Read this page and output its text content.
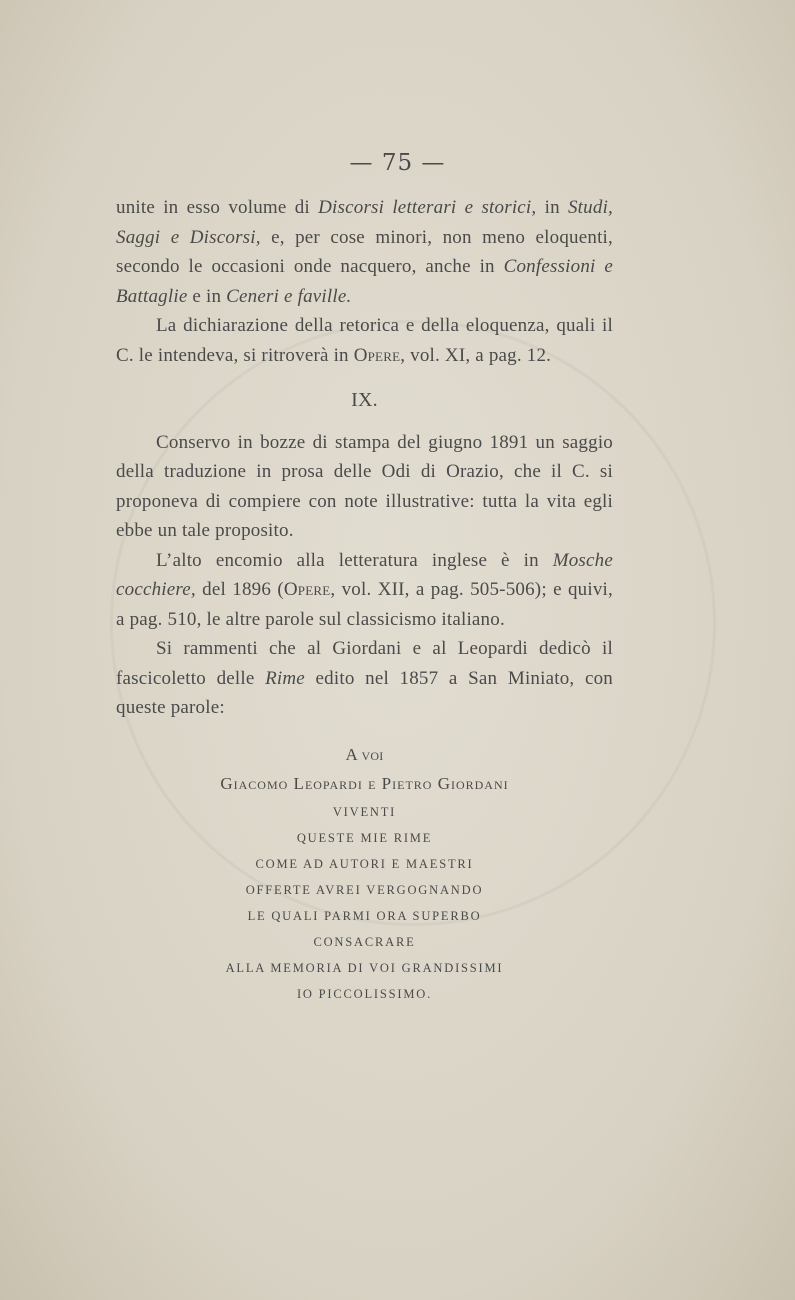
— 75 —

unite in esso volume di Discorsi letterari e storici, in Studi, Saggi e Discorsi, e, per cose minori, non meno eloquenti, secondo le occasioni onde nacquero, anche in Confessioni e Battaglie e in Ceneri e faville.

La dichiarazione della retorica e della eloquenza, quali il C. le intendeva, si ritroverà in Opere, vol. XI, a pag. 12.

IX.

Conservo in bozze di stampa del giugno 1891 un saggio della traduzione in prosa delle Odi di Orazio, che il C. si proponeva di compiere con note illustrative: tutta la vita egli ebbe un tale proposito.

L’alto encomio alla letteratura inglese è in Mosche cocchiere, del 1896 (Opere, vol. XII, a pag. 505-506); e quivi, a pag. 510, le altre parole sul classicismo italiano.

Si rammenti che al Giordani e al Leopardi dedicò il fascicoletto delle Rime edito nel 1857 a San Miniato, con queste parole:

A voi
Giacomo Leopardi e Pietro Giordani
VIVENTI
QUESTE MIE RIME
COME AD AUTORI E MAESTRI
OFFERTE AVREI VERGOGNANDO
LE QUALI PARMI ORA SUPERBO
CONSACRARE
ALLA MEMORIA DI VOI GRANDISSIMI
IO PICCOLISSIMO.
